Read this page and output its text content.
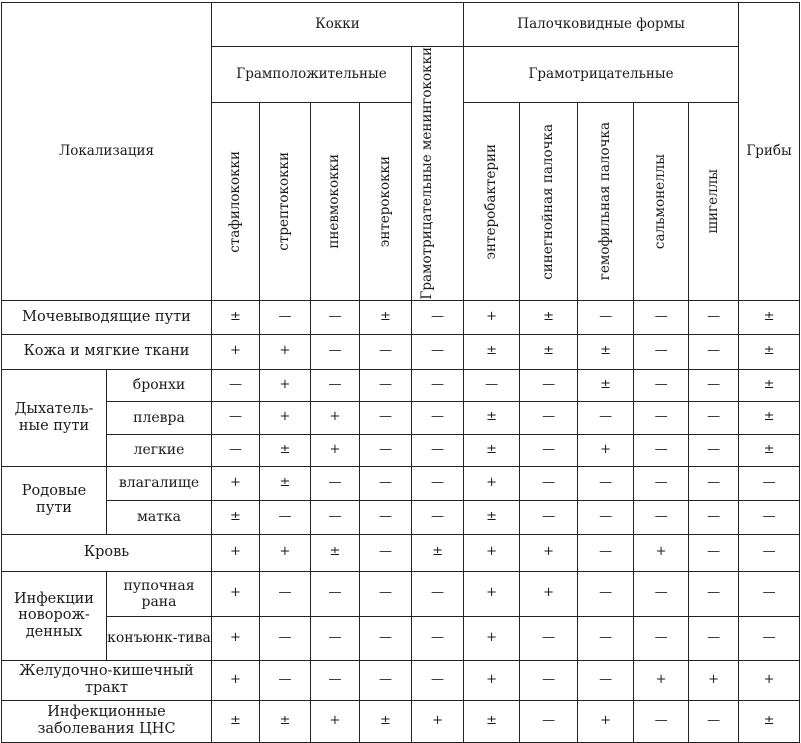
Локализация		Кокки					Палочковидные формы					Грибы
		Грамположительные				Грамотрицательные менингококки	Грамотрицательные					

		стафилококки	стрептококки	пневмококки	энтерококки		энтеробактерии	синегнойная палочка	гемофильная палочка	сальмонеллы	шигеллы	

Мочевыводящие пути		±	—	—	±	—	+	±	—	—	—	±
Кожа и мягкие ткани		+	+	—	—	—	±	±	±	—	—	±
Дыхатель-ные пути	бронхи	—	+	—	—	—	—	—	±	—	—	±
	плевра	—	+	+	—	—	±	—	—	—	—	±
	легкие	—	±	+	—	—	±	—	+	—	—	±
Родовые пути	влагалище	+	±	—	—	—	+	—	—	—	—	—
	матка	±	—	—	—	—	±	—	—	—	—	—
Кровь		+	+	±	—	±	+	+	—	+	—	—
Инфекции новорож-денных	пупочная рана	+	—	—	—	—	+	+	—	—	—	—
	конъюнк-тива	+	—	—	—	—	+	—	—	—	—	—
Желудочно-кишечный тракт		+	—	—	—	—	+	—	—	+	+	+
Инфекционные заболевания ЦНС		±	±	+	±	+	±	—	+	—	—	±
